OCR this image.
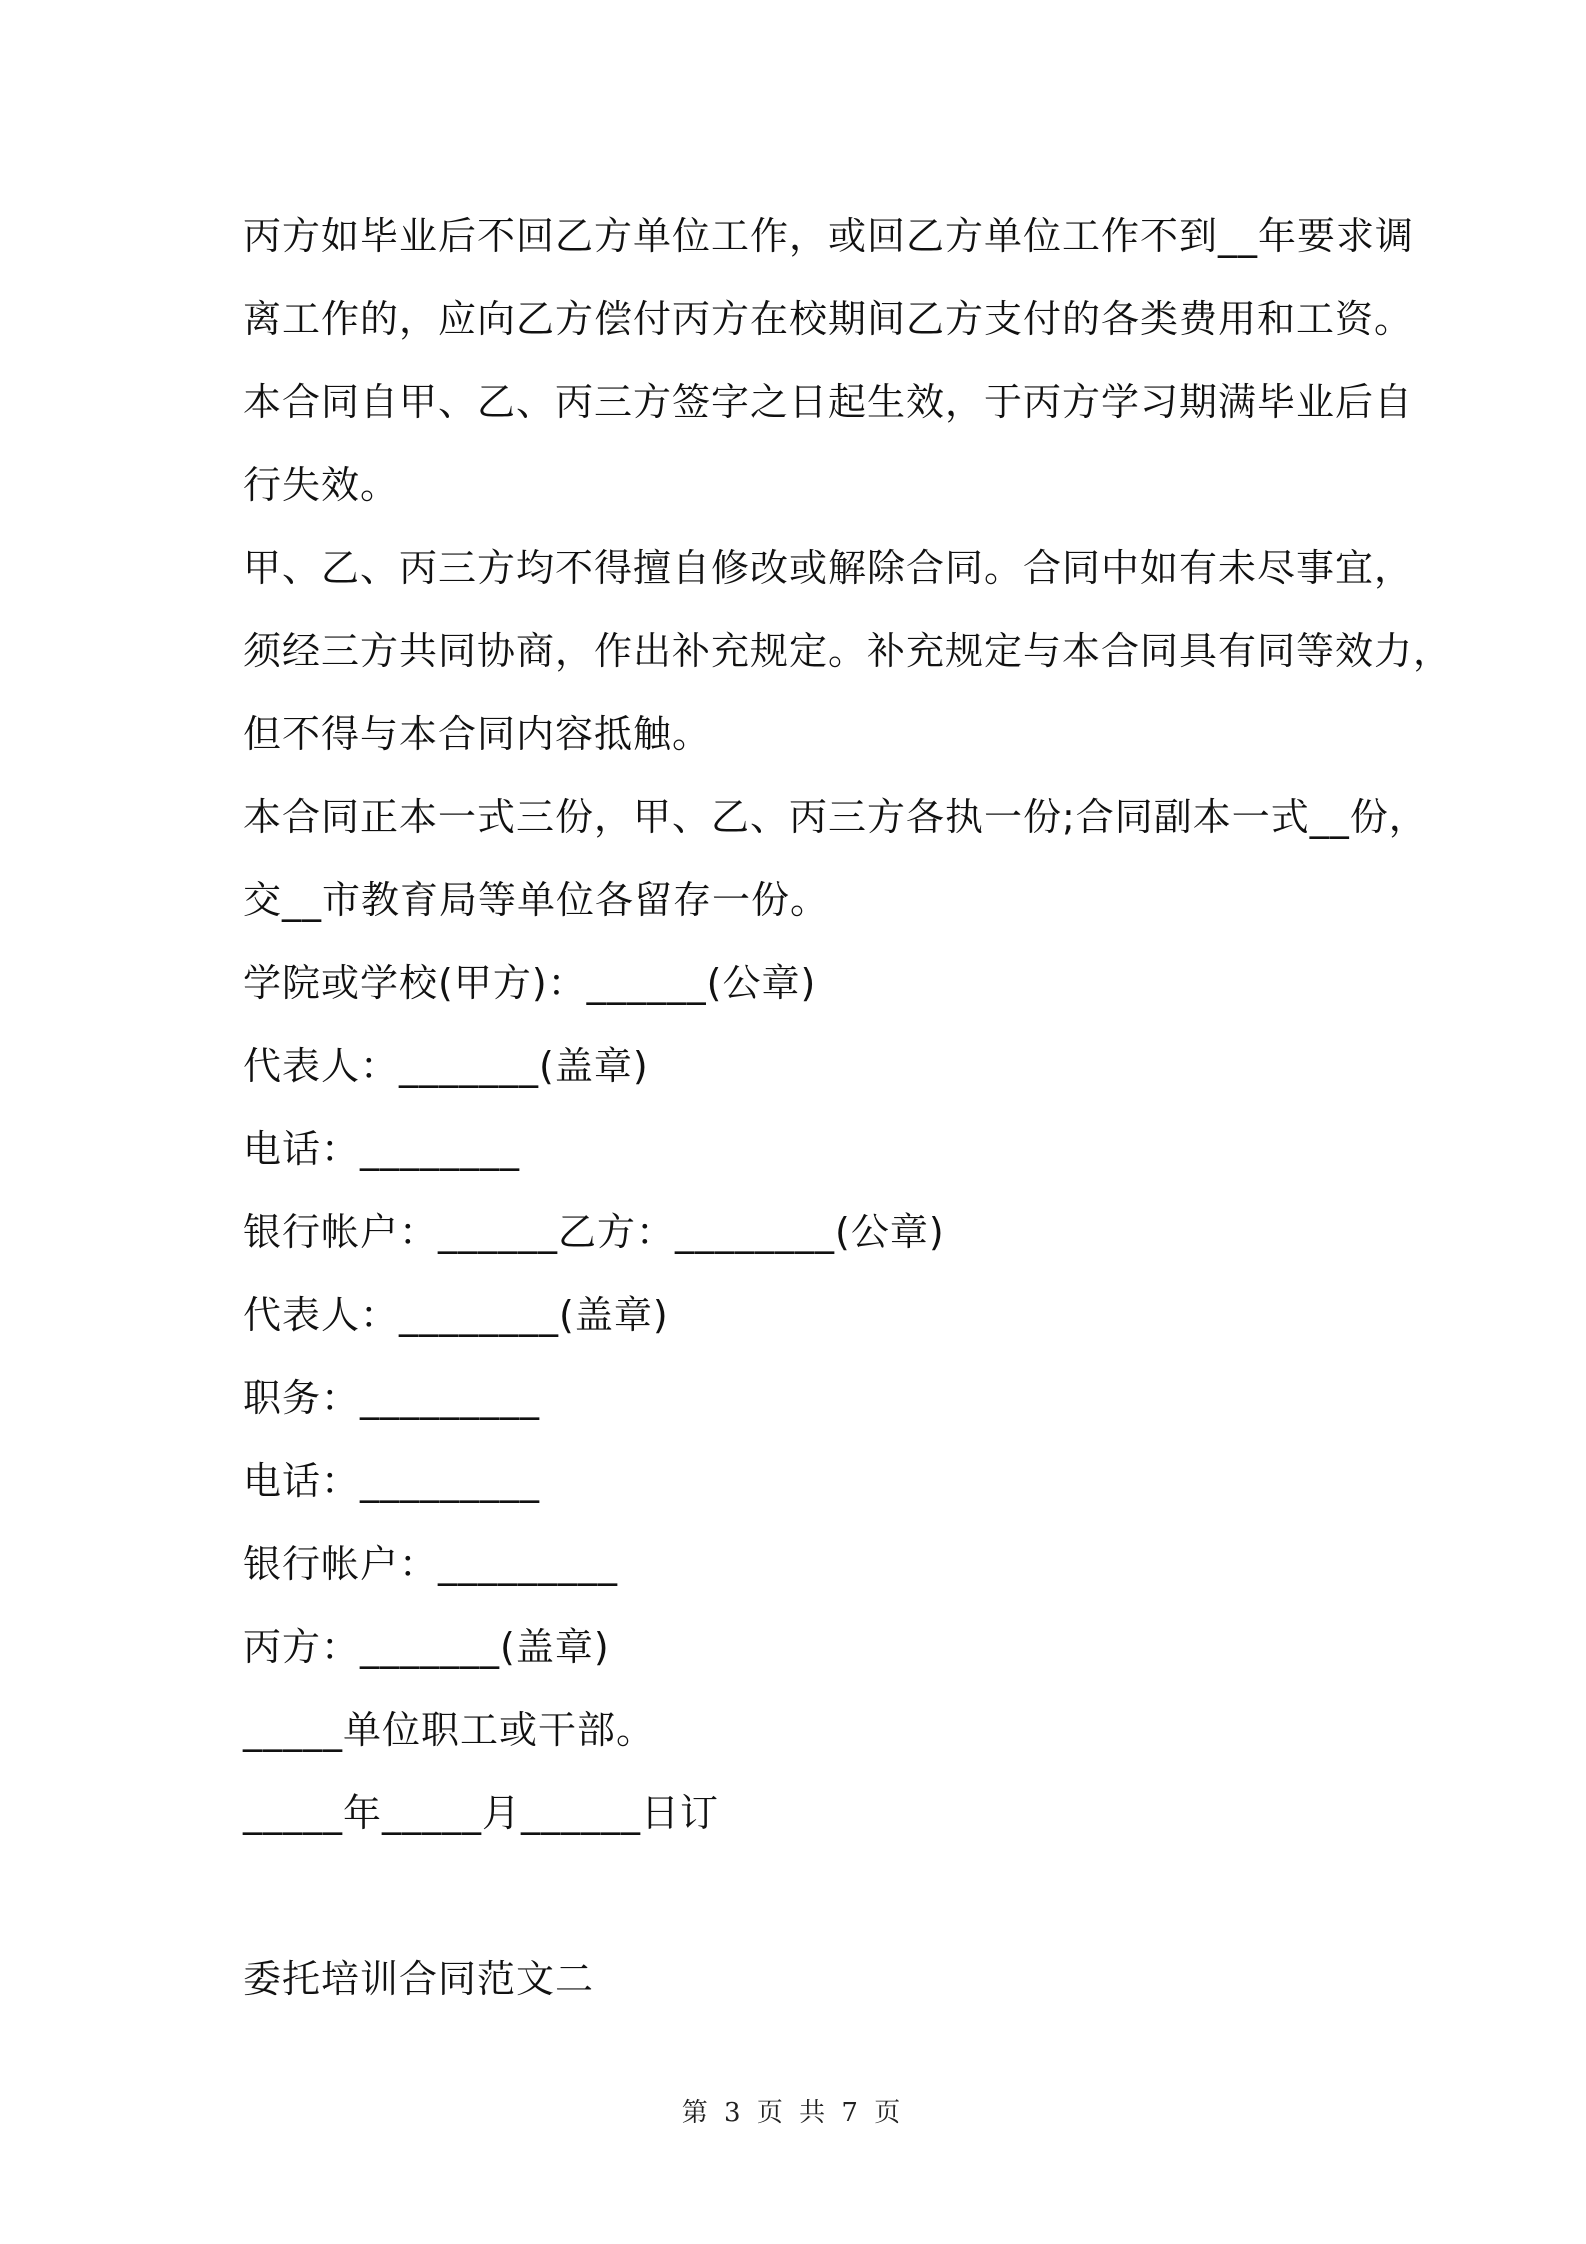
丙方如毕业后不回乙方单位工作，或回乙方单位工作不到__年要求调
离工作的，应向乙方偿付丙方在校期间乙方支付的各类费用和工资。
本合同自甲、乙、丙三方签字之日起生效，于丙方学习期满毕业后自
行失效。
甲、乙、丙三方均不得擅自修改或解除合同。合同中如有未尽事宜，
须经三方共同协商，作出补充规定。补充规定与本合同具有同等效力，
但不得与本合同内容抵触。
本合同正本一式三份，甲、乙、丙三方各执一份;合同副本一式__份，
交__市教育局等单位各留存一份。
学院或学校(甲方)：______(公章)
代表人：_______(盖章)
电话：________
银行帐户：______乙方：________(公章)
代表人：________(盖章)
职务：_________
电话：_________
银行帐户：_________
丙方：_______(盖章)
_____单位职工或干部。
_____年_____月______日订
委托培训合同范文二
第 3 页 共 7 页
